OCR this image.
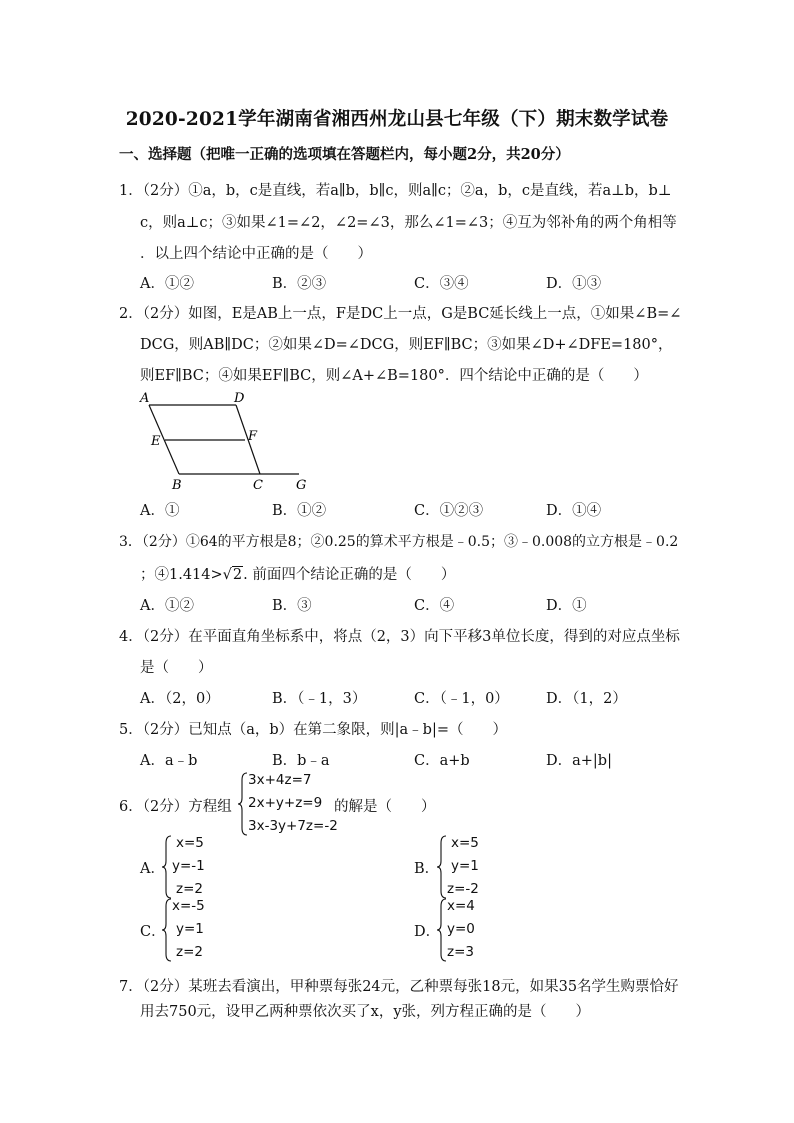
2020-2021学年湖南省湘西州龙山县七年级（下）期末数学试卷
一、选择题（把唯一正确的选项填在答题栏内，每小题2分，共20分）
1．（2分）①a，b，c是直线，若a∥b，b∥c，则a∥c；②a，b，c是直线，若a⊥b，b⊥
c，则a⊥c；③如果∠1=∠2，∠2=∠3，那么∠1=∠3；④互为邻补角的两个角相等
．以上四个结论中正确的是（　　）
A．①②	B．②③	C．③④	D．①③
2．（2分）如图，E是AB上一点，F是DC上一点，G是BC延长线上一点，①如果∠B=∠
DCG，则AB∥DC；②如果∠D=∠DCG，则EF∥BC；③如果∠D+∠DFE=180°，
则EF∥BC；④如果EF∥BC，则∠A+∠B=180°．四个结论中正确的是（　　）
A	D
E	F
B	C	G
A．①	B．①②	C．①②③	D．①④
3．（2分）①64的平方根是8；②0.25的算术平方根是﹣0.5；③﹣0.008的立方根是﹣0.2
；④1.414>√2. 前面四个结论正确的是（　　）
A．①②	B．③	C．④	D．①
4．（2分）在平面直角坐标系中，将点（2，3）向下平移3单位长度，得到的对应点坐标
是（　　）
A．（2，0）	B．（﹣1，3）	C．（﹣1，0）	D．（1，2）
5．（2分）已知点（a，b）在第二象限，则|a﹣b|=（　　）
A．a﹣b	B．b﹣a	C．a+b	D．a+|b|
6．（2分）方程组
3x+4z=7
2x+y+z=9
3x-3y+7z=-2
的解是（　　）
A．
x=5
y=-1
z=2
B．
x=5
y=1
z=-2
C．
x=-5
y=1
z=2
D．
x=4
y=0
z=3
7．（2分）某班去看演出，甲种票每张24元，乙种票每张18元，如果35名学生购票恰好
用去750元，设甲乙两种票依次买了x，y张，列方程正确的是（　　）
